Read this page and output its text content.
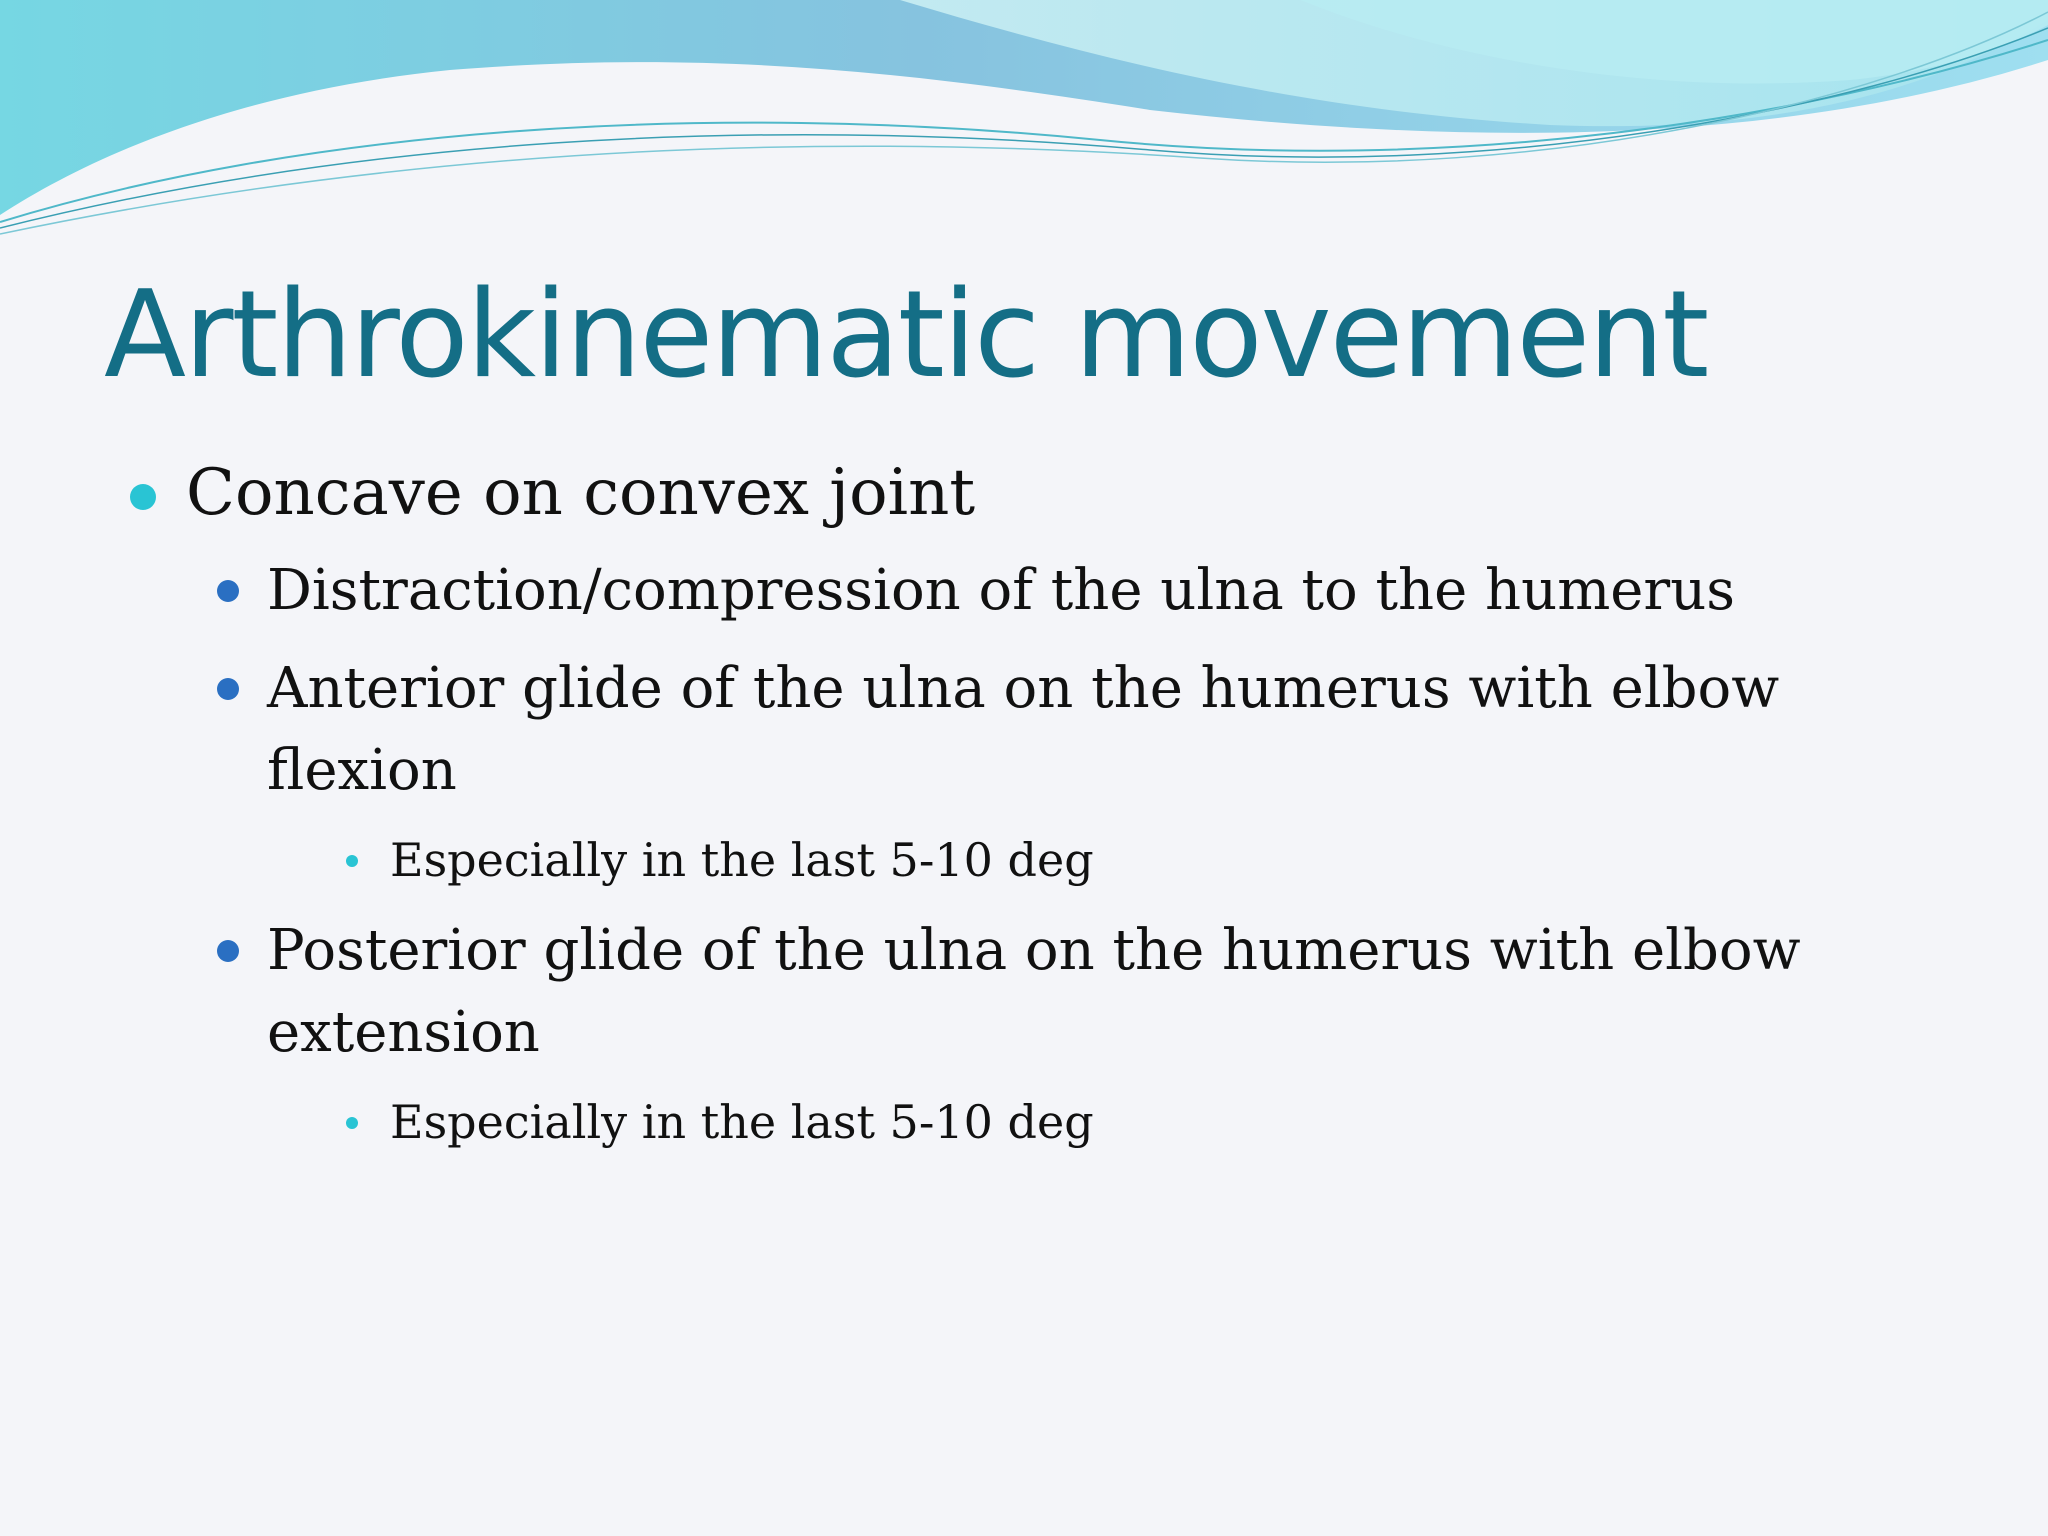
Arthrokinematic movement
Concave on convex joint
Distraction/compression of the ulna to the humerus
Anterior glide of the ulna on the humerus with elbow
flexion
Especially in the last 5-10 deg
Posterior glide of the ulna on the humerus with elbow
extension
Especially in the last 5-10 deg
